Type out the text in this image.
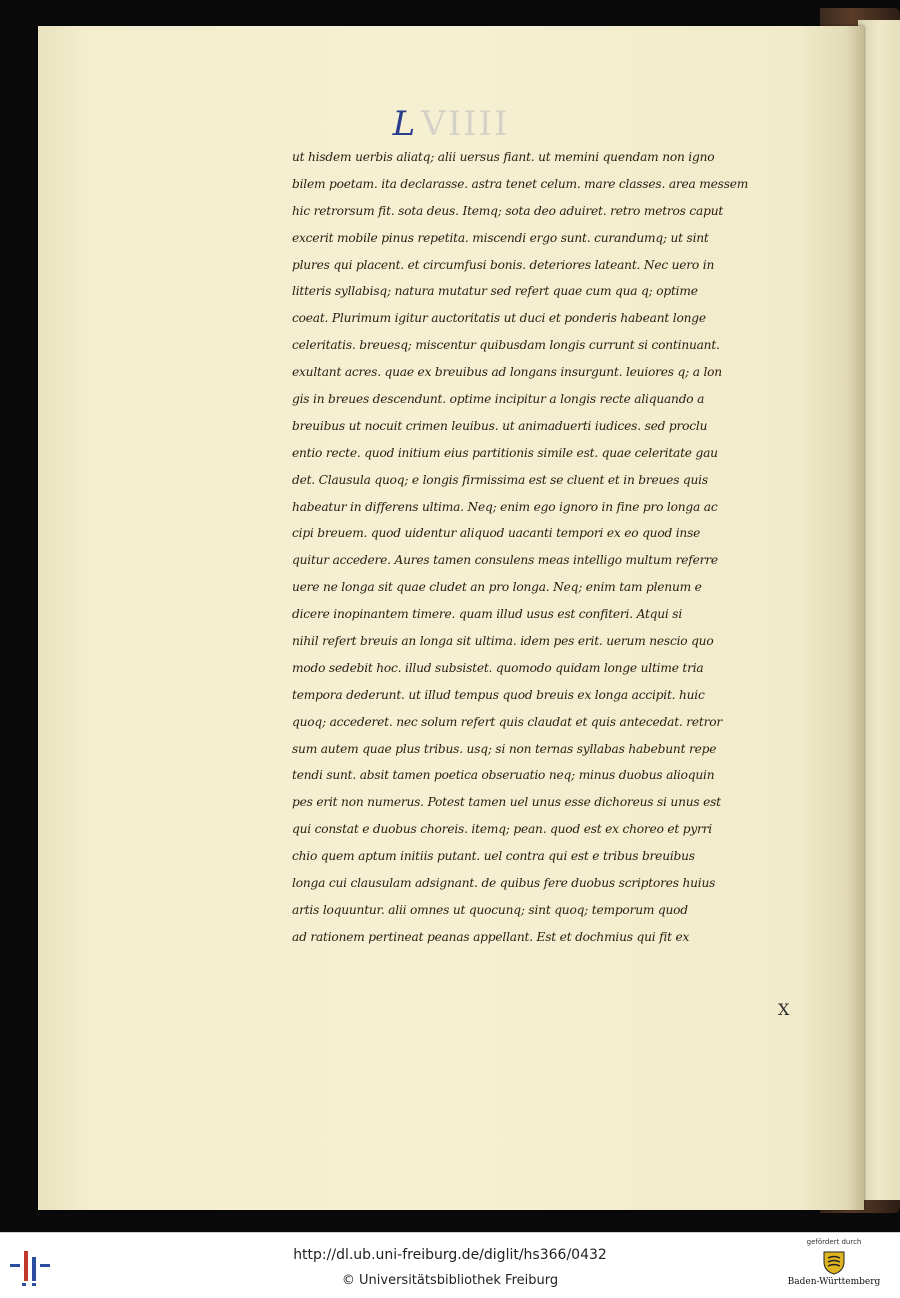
L VIIII
ut hisdem uerbis aliatq; alii uersus fiant. ut memini quendam non igno
bilem poetam. ita declarasse. astra tenet celum. mare classes. area messem
hic retrorsum fit. sota deus. Itemq; sota deo aduiret. retro metros caput
excerit mobile pinus repetita. miscendi ergo sunt. curandumq; ut sint
plures qui placent. et circumfusi bonis. deteriores lateant. Nec uero in
litteris syllabisq; natura mutatur sed refert quae cum qua q; optime
coeat. Plurimum igitur auctoritatis ut duci et ponderis habeant longe
celeritatis. breuesq; miscentur quibusdam longis currunt si continuant.
exultant acres. quae ex breuibus ad longans insurgunt. leuiores q; a lon
gis in breues descendunt. optime incipitur a longis recte aliquando a
breuibus ut nocuit crimen leuibus. ut animaduerti iudices. sed proclu
entio recte. quod initium eius partitionis simile est. quae celeritate gau
det. Clausula quoq; e longis firmissima est se cluent et in breues quis
habeatur in differens ultima. Neq; enim ego ignoro in fine pro longa ac
cipi breuem. quod uidentur aliquod uacanti tempori ex eo quod inse
quitur accedere. Aures tamen consulens meas intelligo multum referre
uere ne longa sit quae cludet an pro longa. Neq; enim tam plenum e
dicere inopinantem timere. quam illud usus est confiteri. Atqui si
nihil refert breuis an longa sit ultima. idem pes erit. uerum nescio quo
modo sedebit hoc. illud subsistet. quomodo quidam longe ultime tria
tempora dederunt. ut illud tempus quod breuis ex longa accipit. huic
quoq; accederet. nec solum refert quis claudat et quis antecedat. retror
sum autem quae plus tribus. usq; si non ternas syllabas habebunt repe
tendi sunt. absit tamen poetica obseruatio neq; minus duobus alioquin
pes erit non numerus. Potest tamen uel unus esse dichoreus si unus est
qui constat e duobus choreis. itemq; pean. quod est ex choreo et pyrri
chio quem aptum initiis putant. uel contra qui est e tribus breuibus
longa cui clausulam adsignant. de quibus fere duobus scriptores huius
artis loquuntur. alii omnes ut quocunq; sint quoq; temporum quod
ad rationem pertineat peanas appellant. Est et dochmius qui fit ex
X
http://dl.ub.uni-freiburg.de/diglit/hs366/0432
© Universitätsbibliothek Freiburg
gefördert durch
Baden-Württemberg
